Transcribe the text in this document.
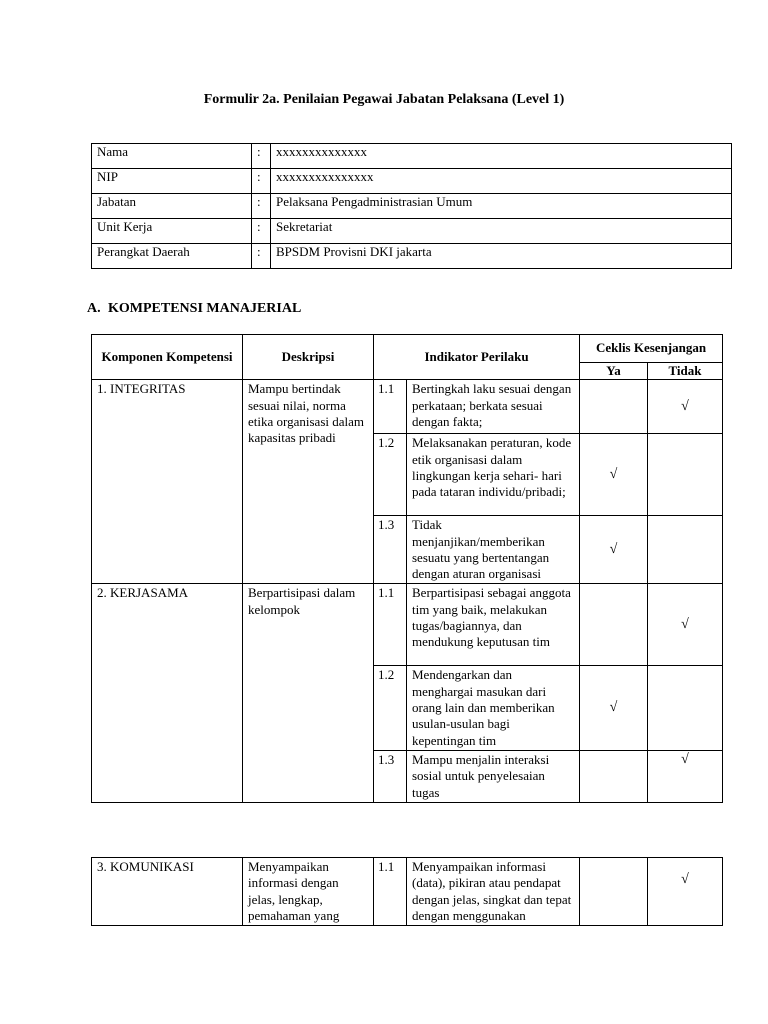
Formulir 2a. Penilaian Pegawai Jabatan Pelaksana (Level 1)
Nama	:	xxxxxxxxxxxxxx
NIP	:	xxxxxxxxxxxxxxx
Jabatan	:	Pelaksana Pengadministrasian Umum
Unit Kerja	:	Sekretariat
Perangkat Daerah	:	BPSDM Provisni DKI jakarta
A. KOMPETENSI MANAJERIAL
Komponen Kompetensi	Deskripsi	Indikator Perilaku		Ceklis Kesenjangan	
				Ya	Tidak
1. INTEGRITAS	Mampu bertindak sesuai nilai, norma etika organisasi dalam kapasitas pribadi	1.1	Bertingkah laku sesuai dengan perkataan; berkata sesuai dengan fakta;		√
		1.2	Melaksanakan peraturan, kode etik organisasi dalam lingkungan kerja sehari- hari pada tataran individu/pribadi;	√	
		1.3	Tidak menjanjikan/memberikan sesuatu yang bertentangan dengan aturan organisasi	√	
2. KERJASAMA	Berpartisipasi dalam kelompok	1.1	Berpartisipasi sebagai anggota tim yang baik, melakukan tugas/bagiannya, dan mendukung keputusan tim		√
		1.2	Mendengarkan dan menghargai masukan dari orang lain dan memberikan usulan-usulan bagi kepentingan tim	√	
		1.3	Mampu menjalin interaksi sosial untuk penyelesaian tugas		√
3. KOMUNIKASI	Menyampaikan informasi dengan jelas, lengkap, pemahaman yang	1.1	Menyampaikan informasi (data), pikiran atau pendapat dengan jelas, singkat dan tepat dengan menggunakan		√
